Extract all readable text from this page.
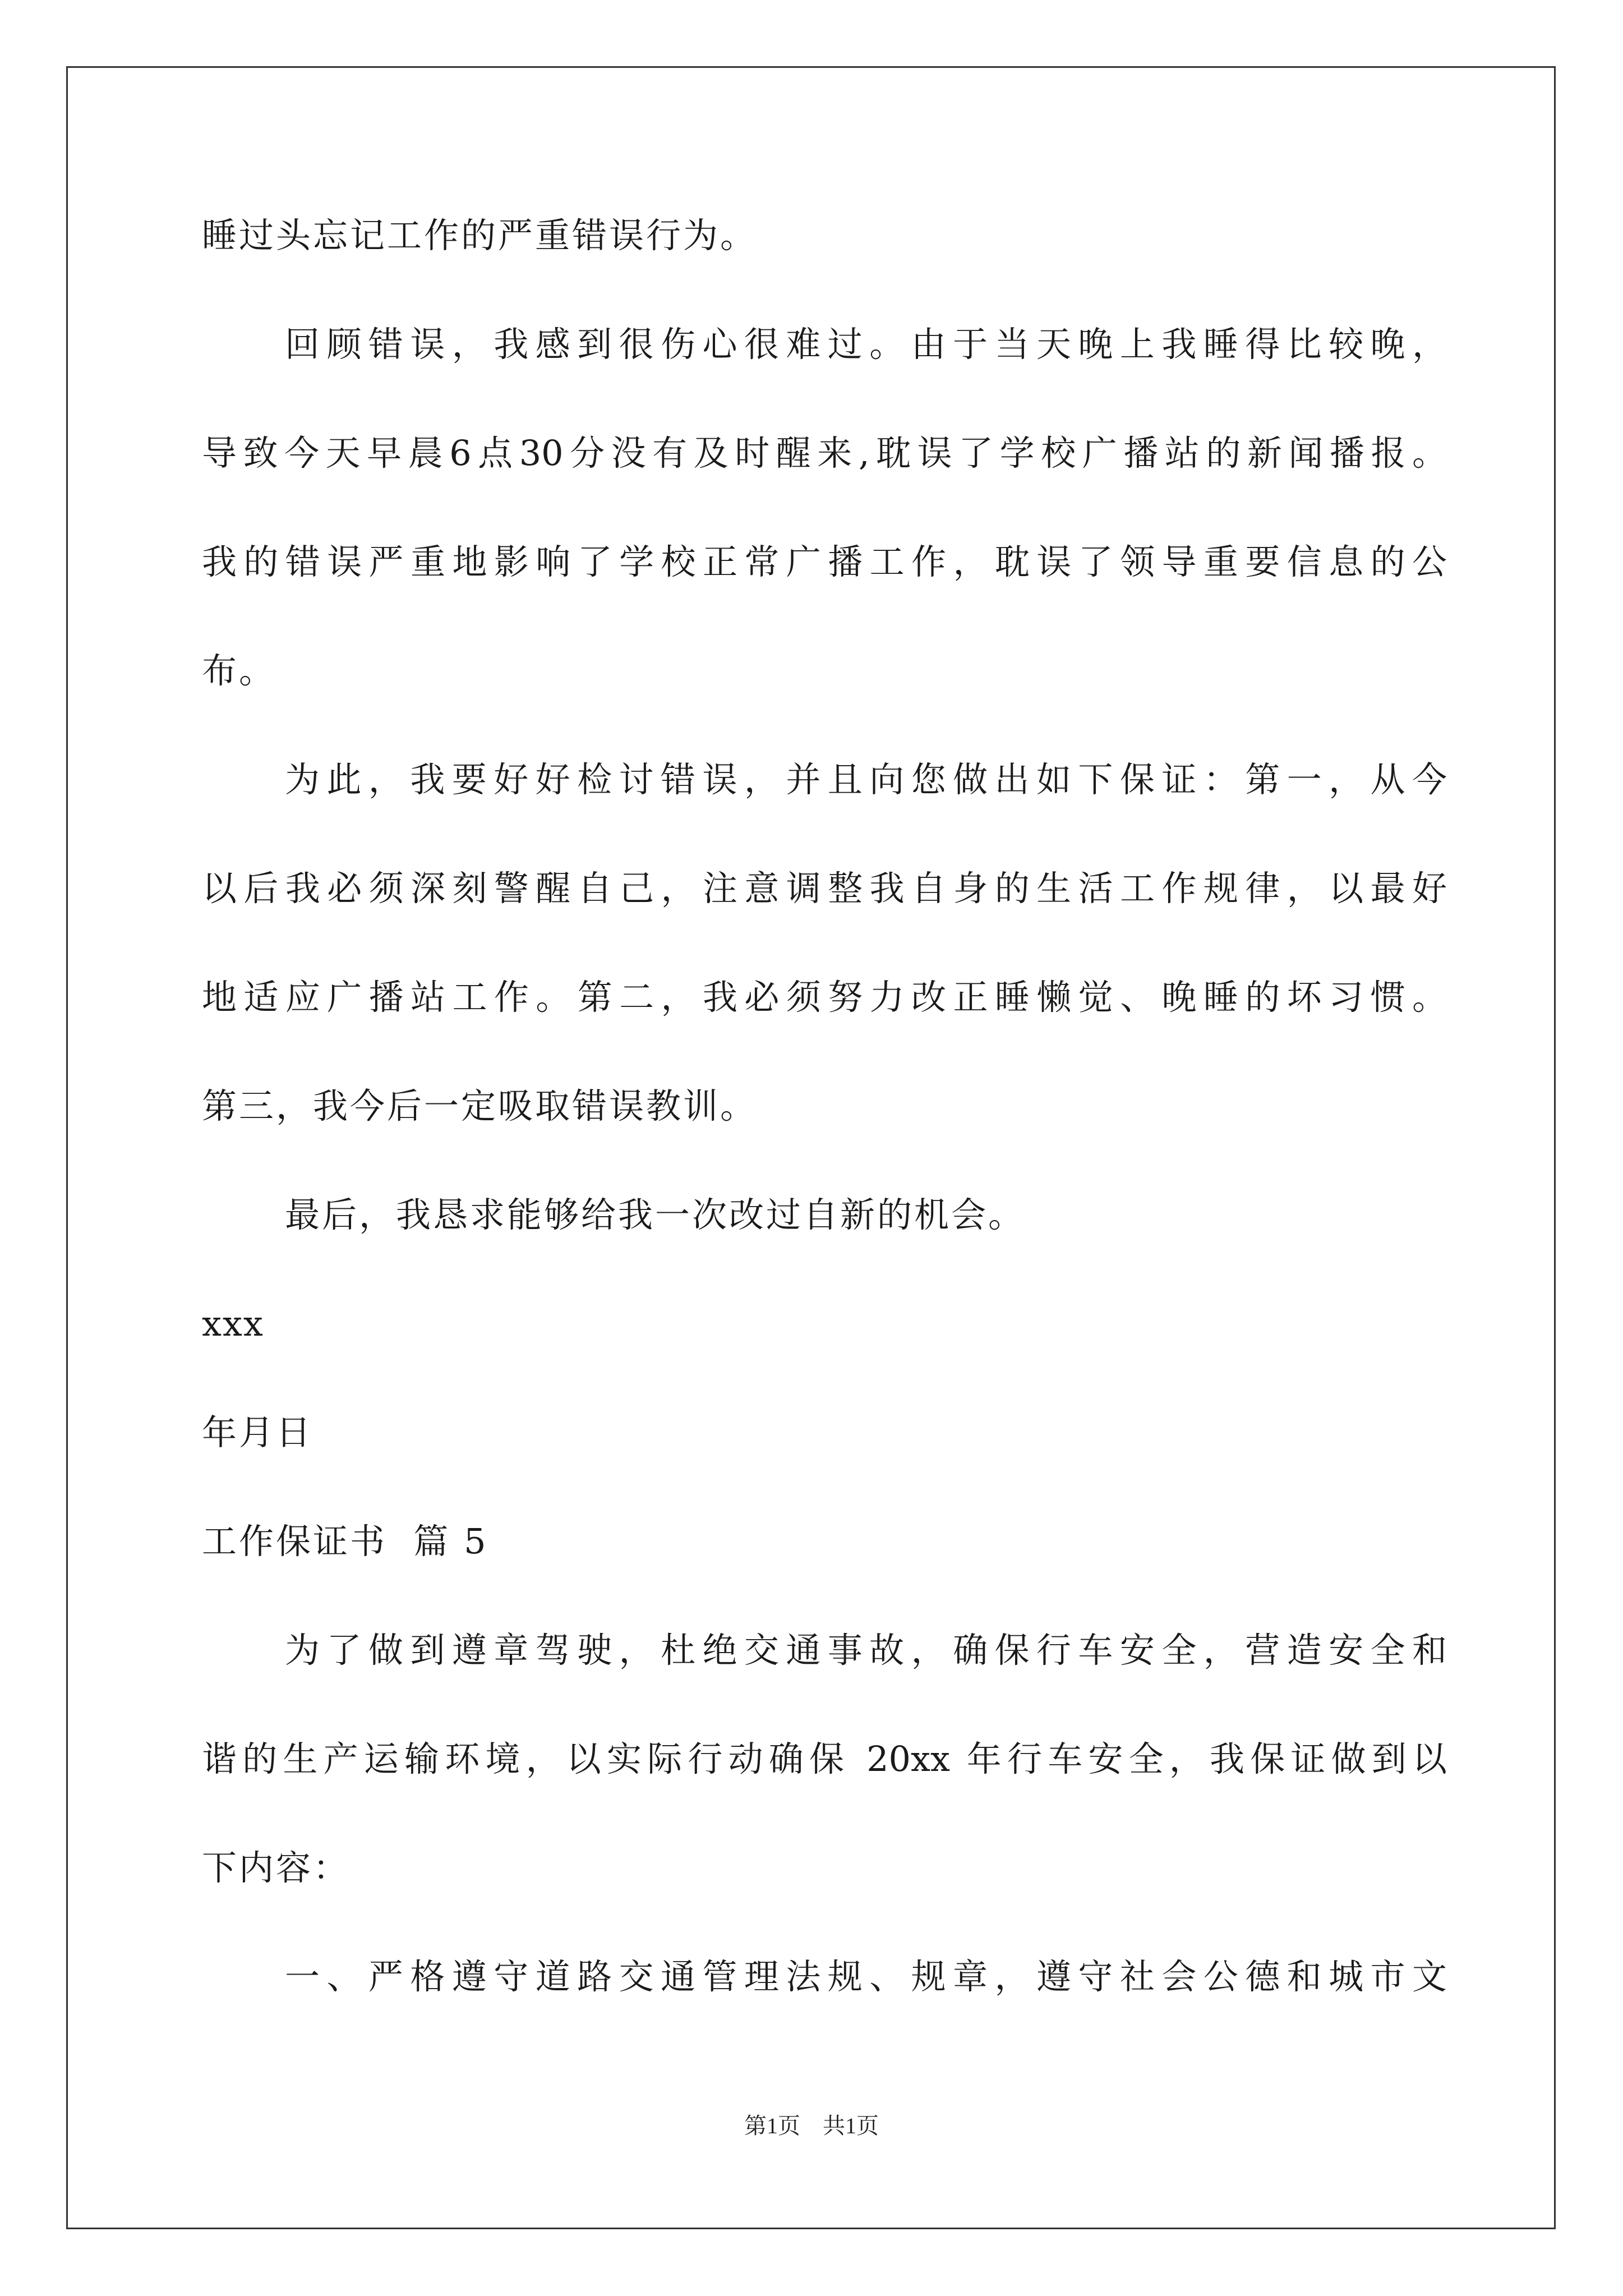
睡过头忘记工作的严重错误行为。
回顾错误，我感到很伤心很难过。由于当天晚上我睡得比较晚，
导致今天早晨6点30分没有及时醒来,耽误了学校广播站的新闻播报。
我的错误严重地影响了学校正常广播工作，耽误了领导重要信息的公
布。
为此，我要好好检讨错误，并且向您做出如下保证：第一，从今
以后我必须深刻警醒自己，注意调整我自身的生活工作规律，以最好
地适应广播站工作。第二，我必须努力改正睡懒觉、晚睡的坏习惯。
第三，我今后一定吸取错误教训。
最后，我恳求能够给我一次改过自新的机会。
xxx
年月日
工作保证书  篇 5
为了做到遵章驾驶，杜绝交通事故，确保行车安全，营造安全和
谐的生产运输环境，以实际行动确保 20xx 年行车安全，我保证做到以
下内容：
一、严格遵守道路交通管理法规、规章，遵守社会公德和城市文
第1页    共1页
